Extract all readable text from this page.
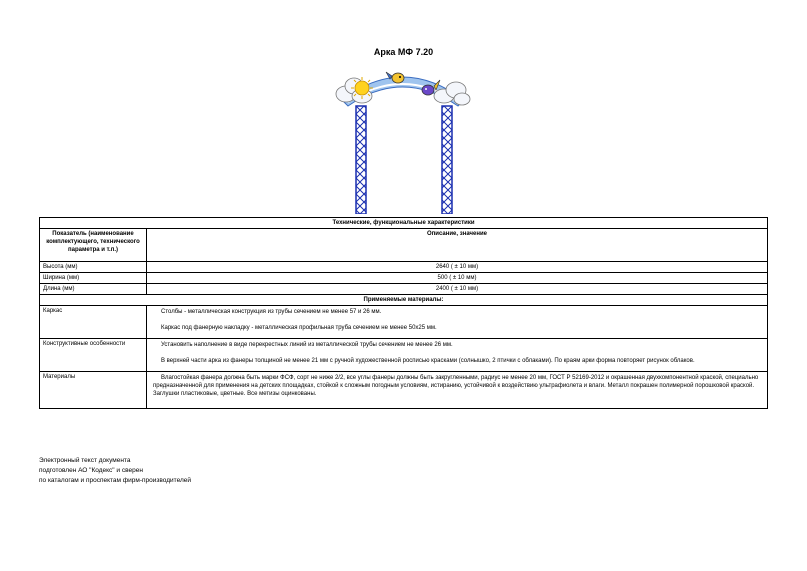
Арка МФ 7.20
Технические, функциональные характеристики	
Показатель (наименование комплектующего, технического параметра и т.п.)	Описание, значение
Высота (мм)	2640 ( ± 10 мм)
Ширина (мм)	500 ( ± 10 мм)
Длина (мм)	2400 ( ± 10 мм)
Применяемые материалы:	
Каркас	Столбы - металлическая конструкция из трубы сечением не менее 57 и 26 мм.

Каркас под фанерную накладку - металлическая профильная труба сечением не менее 50х25 мм.

Конструктивные особенности	Установить наполнение в виде перекрестных линий из металлической трубы сечением не менее 26 мм.

В верхней части арка из фанеры толщиной не менее 21 мм с ручной художественной росписью красками (солнышко, 2 птички с облаками). По краям арки форма повторяет рисунок облаков.

Материалы	Влагостойкая фанера должна быть марки ФСФ, сорт не ниже 2/2, все углы фанеры должны быть закругленными, радиус не менее 20 мм, ГОСТ Р 52169-2012 и окрашенная двухкомпонентной краской, специально предназначенной для применения на детских площадках, стойкой к сложным погодным условиям, истиранию, устойчивой к воздействию ультрафиолета и влаги. Металл покрашен полимерной порошковой краской. Заглушки пластиковые, цветные. Все метизы оцинкованы.

Электронный текст документа
подготовлен АО "Кодекс" и сверен
по каталогам и проспектам фирм-производителей
